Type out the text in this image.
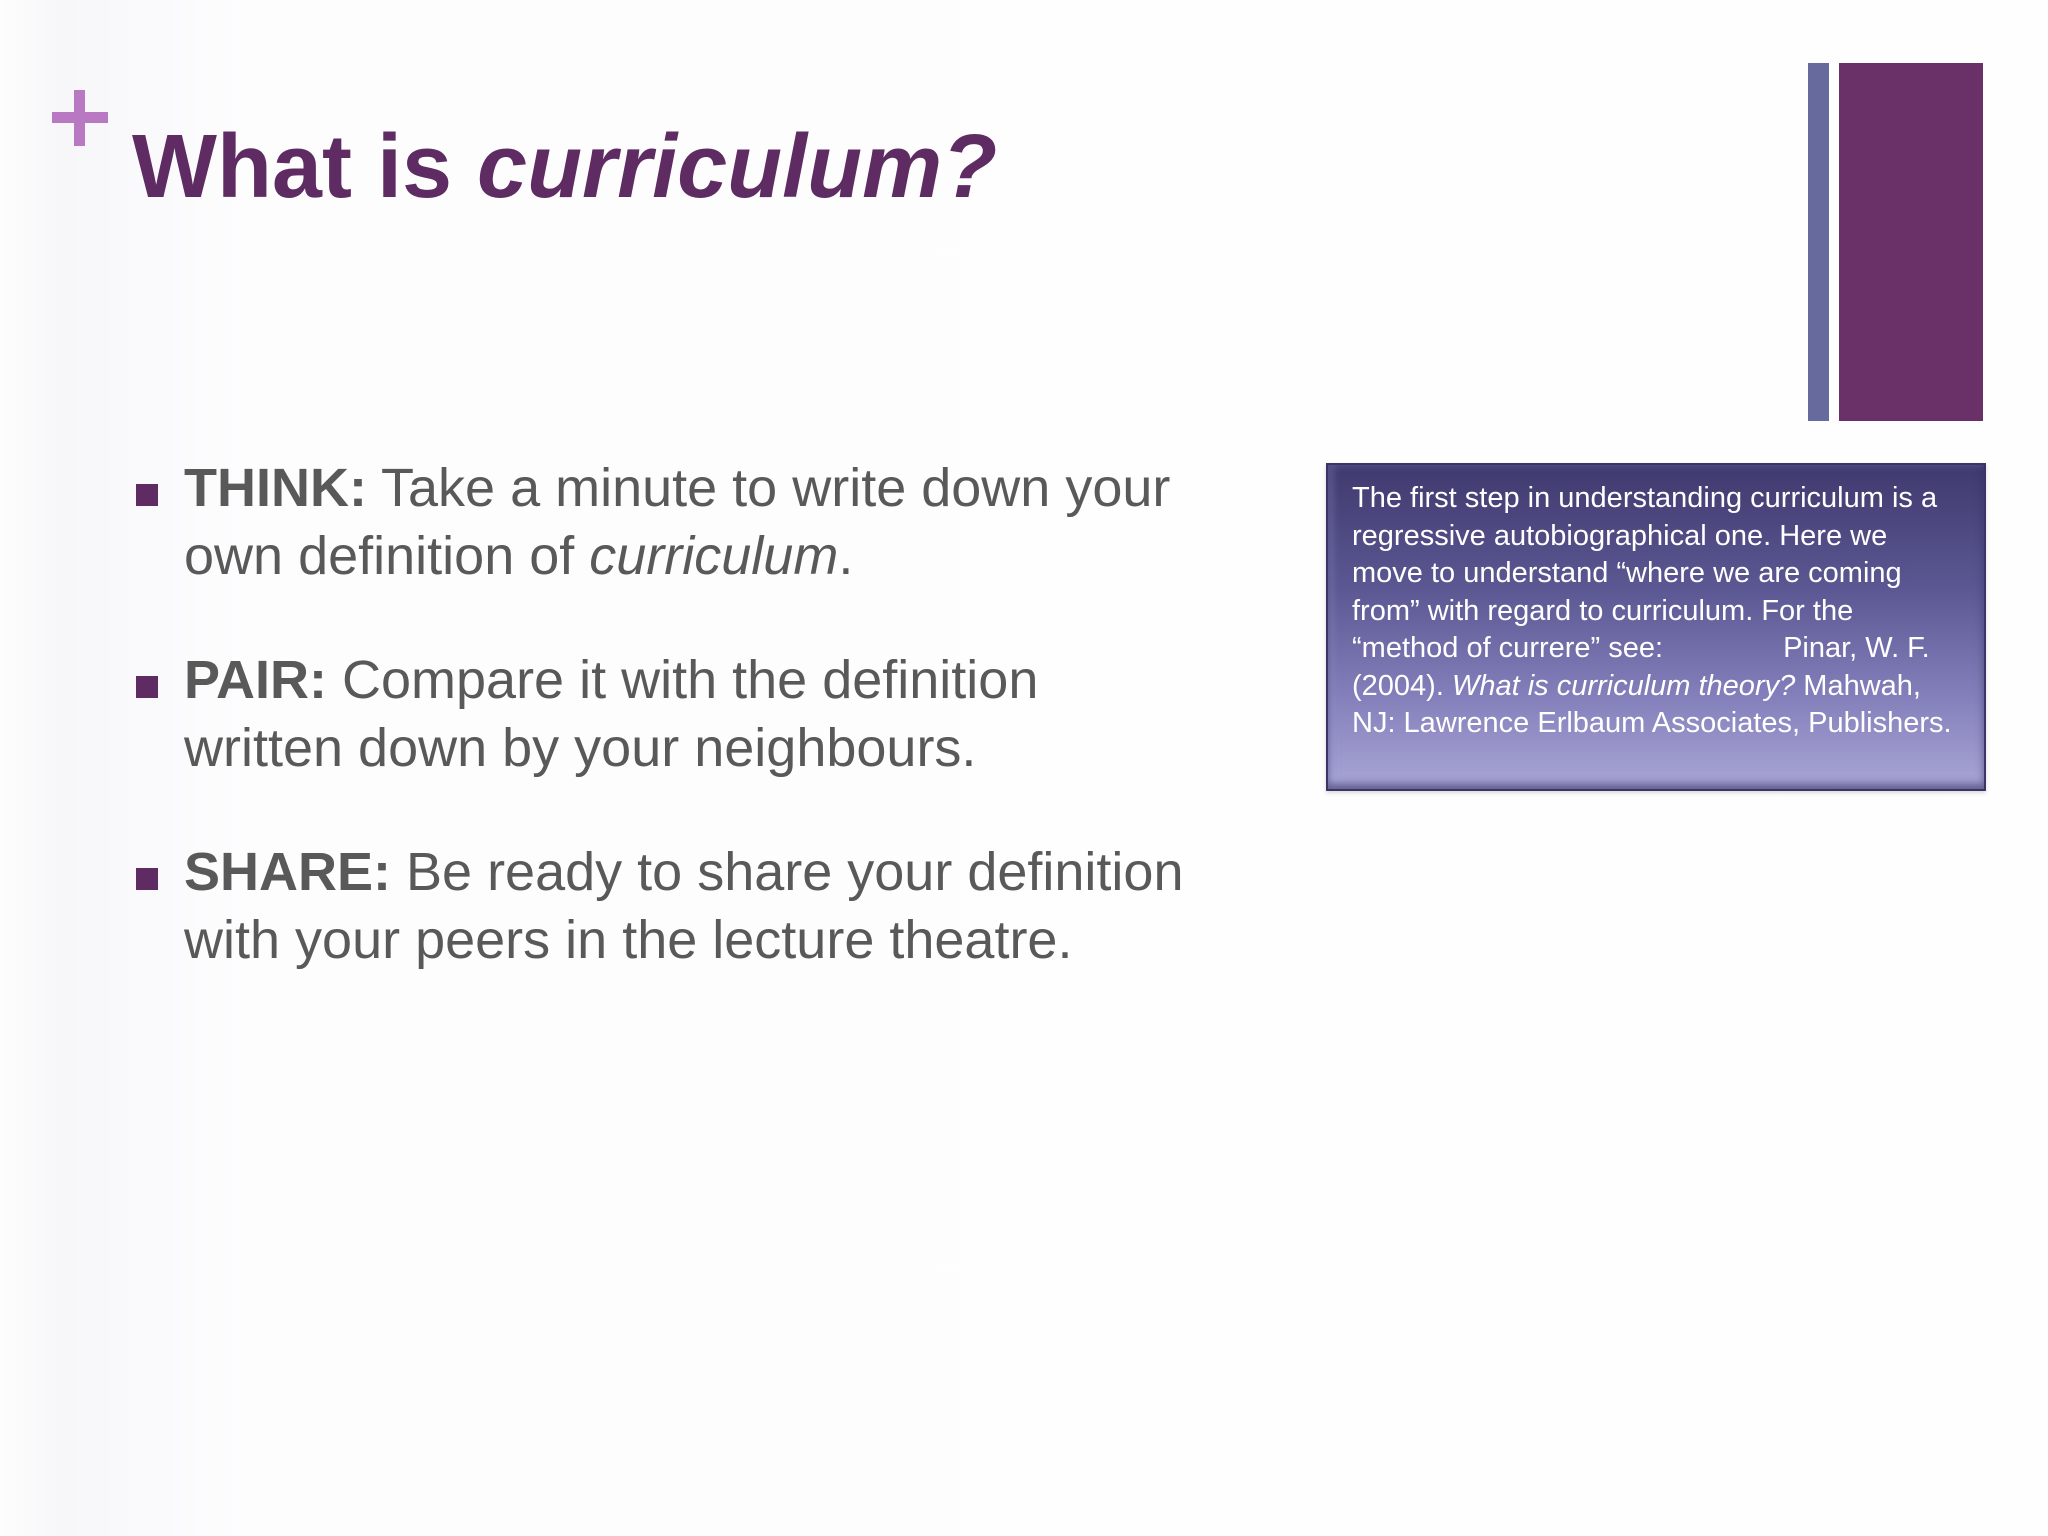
What is curriculum?
THINK: Take a minute to write down your own definition of curriculum.
PAIR: Compare it with the definition written down by your neighbours.
SHARE: Be ready to share your definition with your peers in the lecture theatre.
The first step in understanding curriculum is a regressive autobiographical one. Here we move to understand “where we are coming from” with regard to curriculum. For the “method of currere” see:	Pinar, W. F. (2004). What is curriculum theory? Mahwah, NJ: Lawrence Erlbaum Associates, Publishers.
